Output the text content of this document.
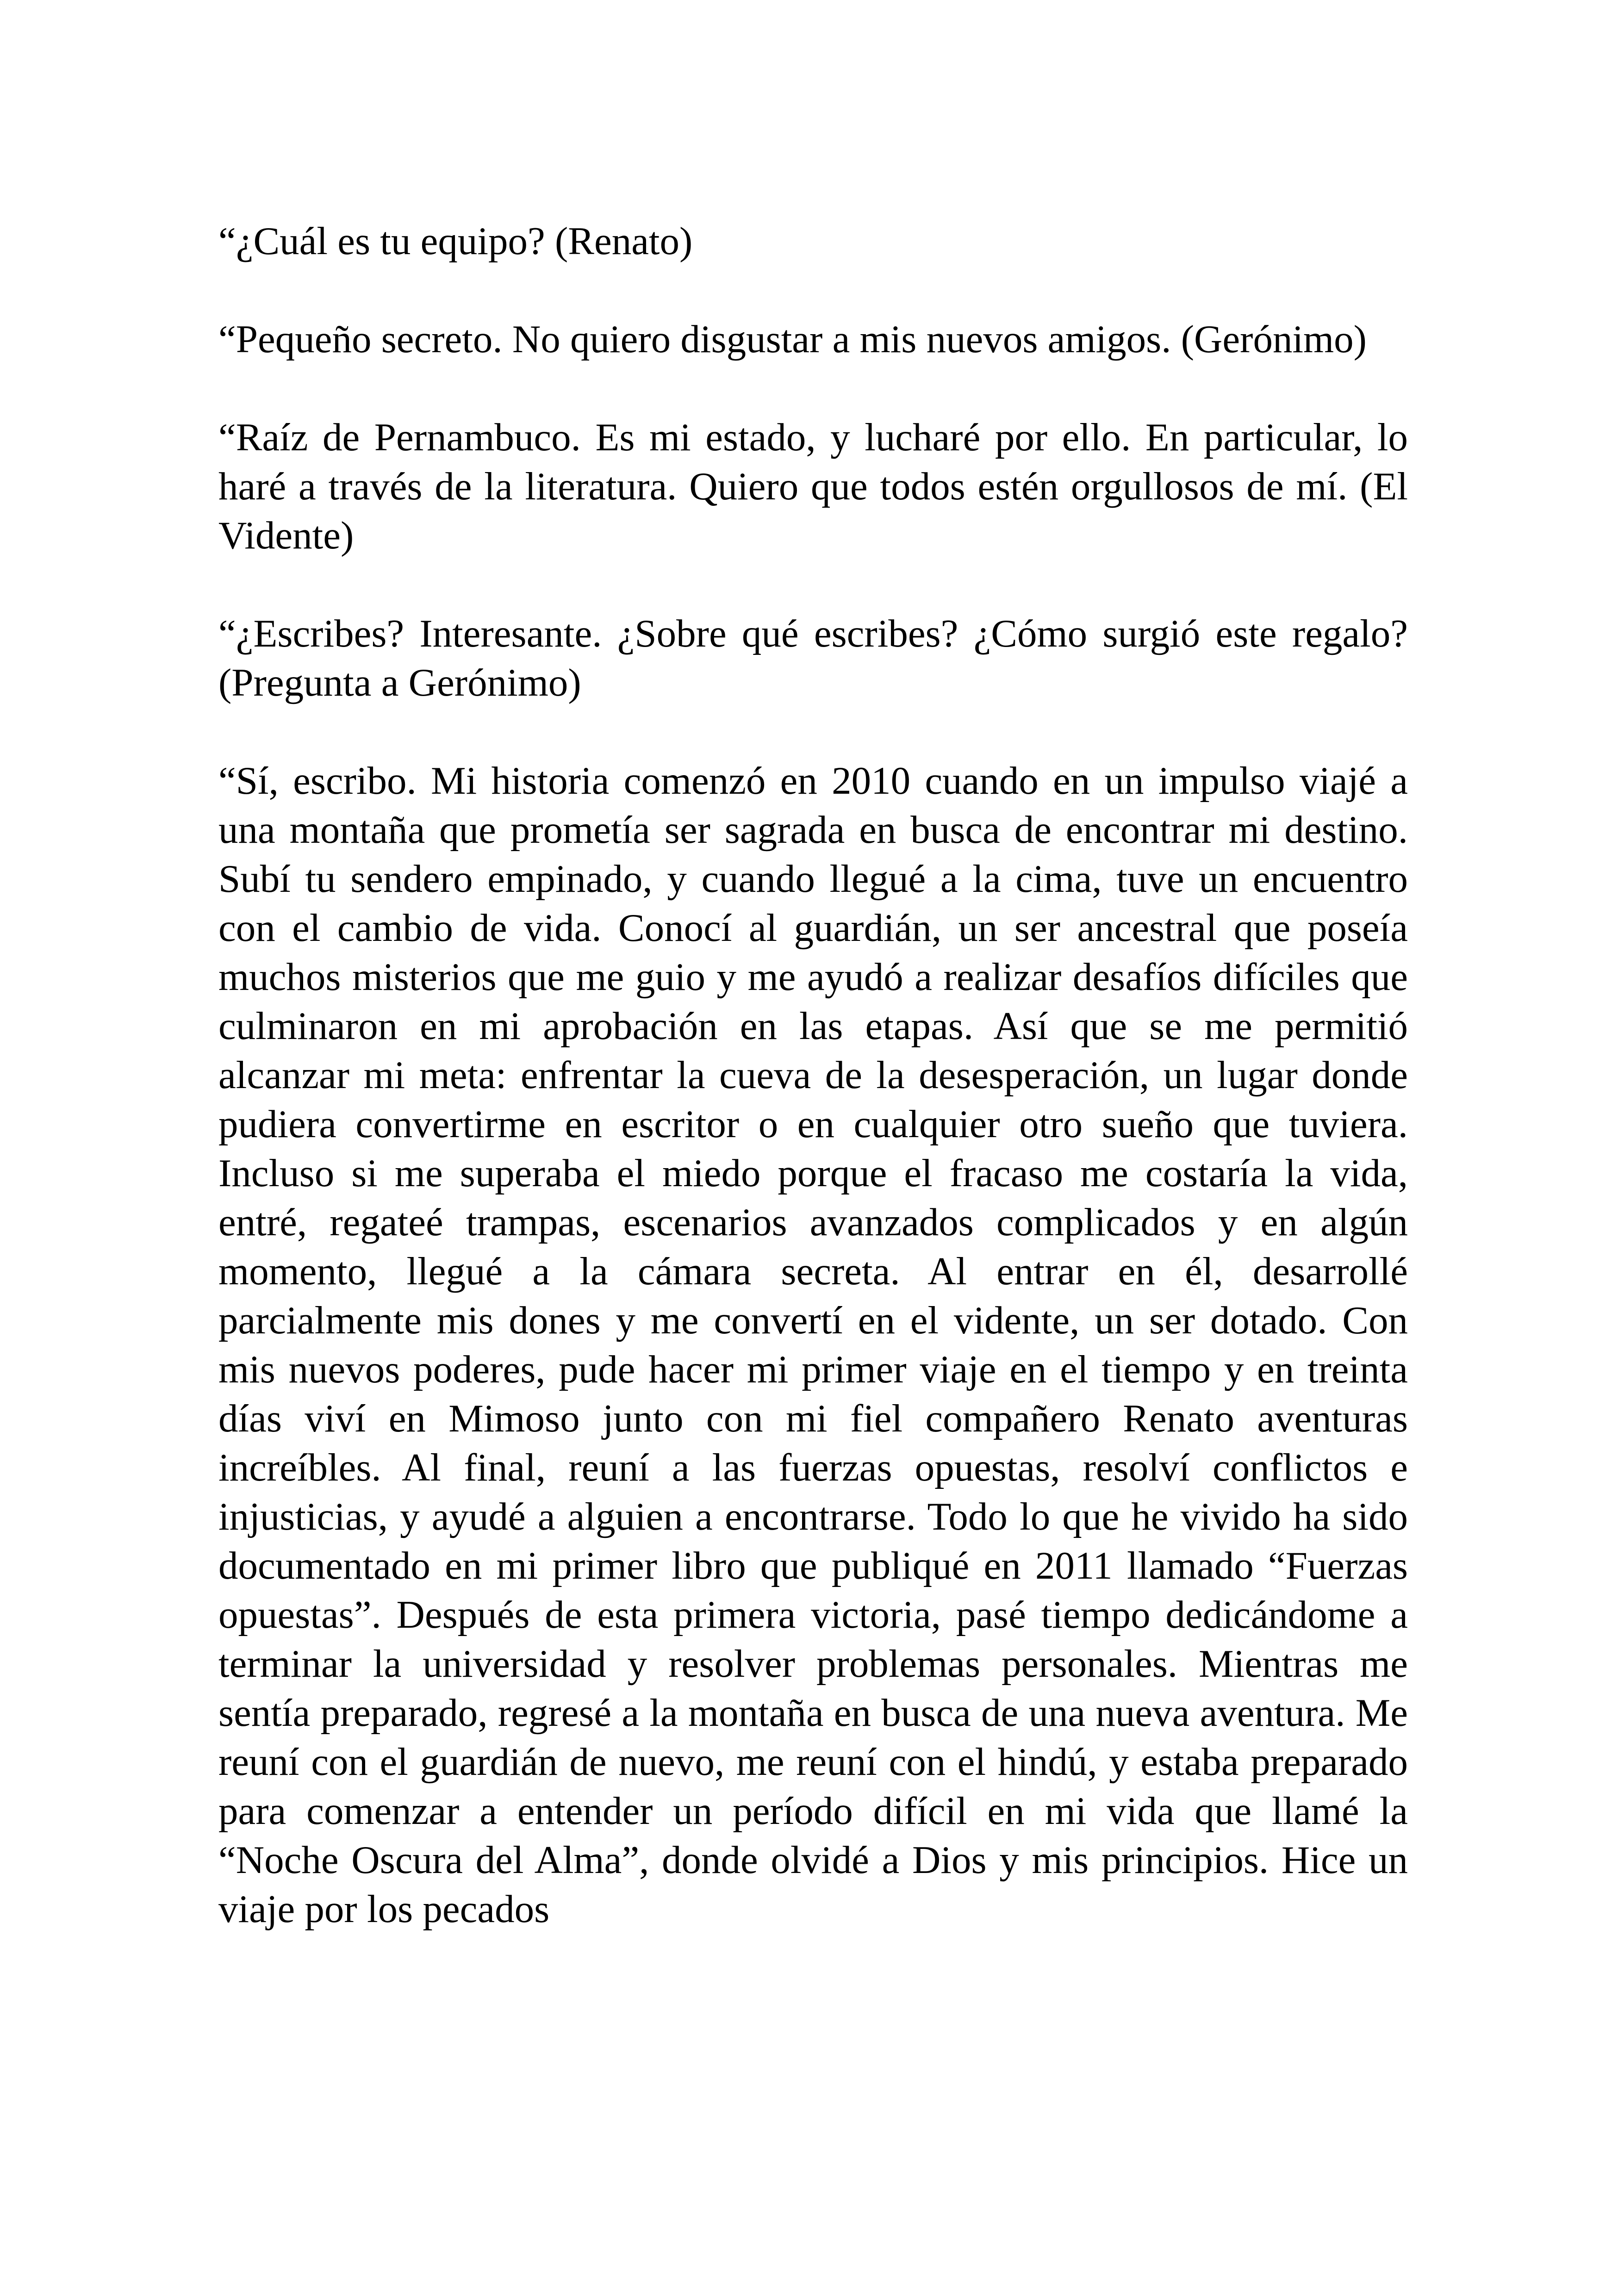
“¿Cuál es tu equipo? (Renato)

“Pequeño secreto. No quiero disgustar a mis nuevos amigos. (Gerónimo)

“Raíz de Pernambuco. Es mi estado, y lucharé por ello. En particular, lo haré a través de la literatura. Quiero que todos estén orgullosos de mí. (El Vidente)

“¿Escribes? Interesante. ¿Sobre qué escribes? ¿Cómo surgió este regalo? (Pregunta a Gerónimo)

“Sí, escribo. Mi historia comenzó en 2010 cuando en un impulso viajé a una montaña que prometía ser sagrada en busca de encontrar mi destino. Subí tu sendero empinado, y cuando llegué a la cima, tuve un encuentro con el cambio de vida. Conocí al guardián, un ser ancestral que poseía muchos misterios que me guio y me ayudó a realizar desafíos difíciles que culminaron en mi aprobación en las etapas. Así que se me permitió alcanzar mi meta: enfrentar la cueva de la desesperación, un lugar donde pudiera convertirme en escritor o en cualquier otro sueño que tuviera. Incluso si me superaba el miedo porque el fracaso me costaría la vida, entré, regateé trampas, escenarios avanzados complicados y en algún momento, llegué a la cámara secreta. Al entrar en él, desarrollé parcialmente mis dones y me convertí en el vidente, un ser dotado. Con mis nuevos poderes, pude hacer mi primer viaje en el tiempo y en treinta días viví en Mimoso junto con mi fiel compañero Renato aventuras increíbles. Al final, reuní a las fuerzas opuestas, resolví conflictos e injusticias, y ayudé a alguien a encontrarse. Todo lo que he vivido ha sido documentado en mi primer libro que publiqué en 2011 llamado “Fuerzas opuestas”. Después de esta primera victoria, pasé tiempo dedicándome a terminar la universidad y resolver problemas personales. Mientras me sentía preparado, regresé a la montaña en busca de una nueva aventura. Me reuní con el guardián de nuevo, me reuní con el hindú, y estaba preparado para comenzar a entender un período difícil en mi vida que llamé la “Noche Oscura del Alma”, donde olvidé a Dios y mis principios. Hice un viaje por los pecados
